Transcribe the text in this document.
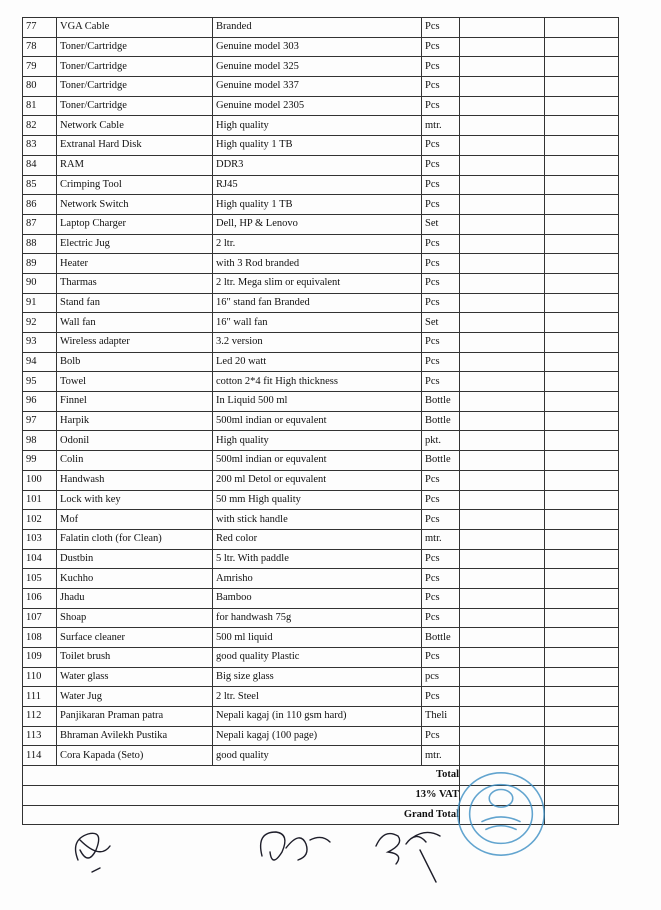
77	VGA Cable	Branded	Pcs		
78	Toner/Cartridge	Genuine model 303	Pcs		
79	Toner/Cartridge	Genuine model 325	Pcs		
80	Toner/Cartridge	Genuine model 337	Pcs		
81	Toner/Cartridge	Genuine model 2305	Pcs		
82	Network Cable	High quality	mtr.		
83	Extranal Hard Disk	High quality 1 TB	Pcs		
84	RAM	DDR3	Pcs		
85	Crimping Tool	RJ45	Pcs		
86	Network Switch	High quality 1 TB	Pcs		
87	Laptop Charger	Dell, HP & Lenovo	Set		
88	Electric Jug	2 ltr.	Pcs		
89	Heater	with 3 Rod branded	Pcs		
90	Tharmas	2 ltr. Mega slim or equivalent	Pcs		
91	Stand fan	16" stand fan Branded	Pcs		
92	Wall fan	16" wall fan	Set		
93	Wireless adapter	3.2 version	Pcs		
94	Bolb	Led 20 watt	Pcs		
95	Towel	cotton 2*4 fit High thickness	Pcs		
96	Finnel	In Liquid 500 ml	Bottle		
97	Harpik	500ml indian or equvalent	Bottle		
98	Odonil	High quality	pkt.		
99	Colin	500ml indian or equvalent	Bottle		
100	Handwash	200 ml Detol or equvalent	Pcs		
101	Lock with key	50 mm High quality	Pcs		
102	Mof	with stick handle	Pcs		
103	Falatin cloth (for Clean)	Red color	mtr.		
104	Dustbin	5 ltr. With paddle	Pcs		
105	Kuchho	Amrisho	Pcs		
106	Jhadu	Bamboo	Pcs		
107	Shoap	for handwash 75g	Pcs		
108	Surface cleaner	500 ml liquid	Bottle		
109	Toilet brush	good quality Plastic	Pcs		
110	Water glass	Big size glass	pcs		
111	Water Jug	2 ltr. Steel	Pcs		
112	Panjikaran Praman patra	Nepali kagaj (in 110 gsm hard)	Theli		
113	Bhraman Avilekh Pustika	Nepali kagaj (100 page)	Pcs		
114	Cora Kapada (Seto)	good quality	mtr.		
Total					
13% VAT					
Grand Total					
